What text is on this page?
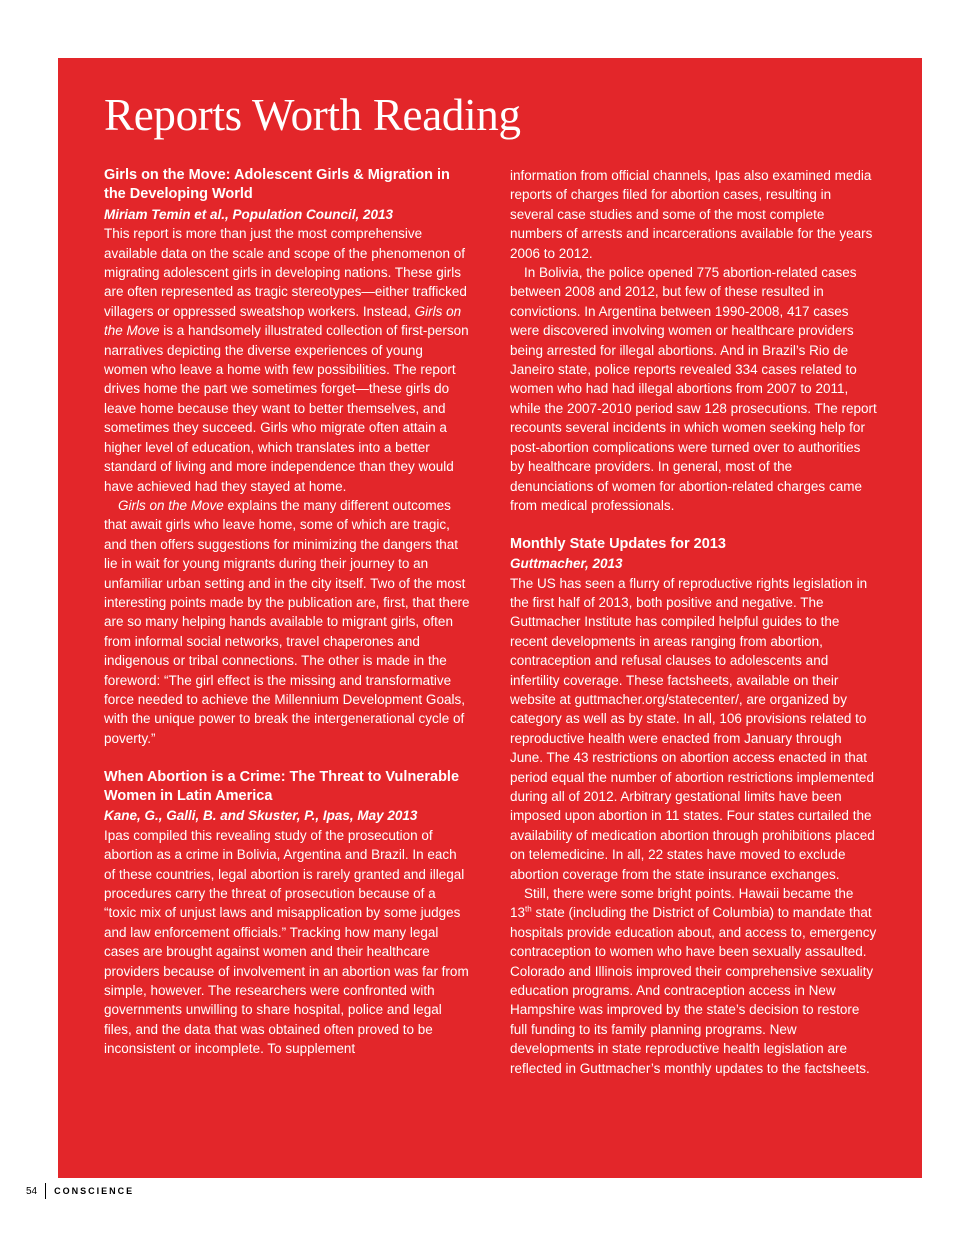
Reports Worth Reading
Girls on the Move: Adolescent Girls & Migration in the Developing World

Miriam Temin et al., Population Council, 2013

This report is more than just the most comprehensive available data on the scale and scope of the phenomenon of migrating adolescent girls in developing nations. These girls are often represented as tragic stereotypes—either trafficked villagers or oppressed sweatshop workers. Instead, Girls on the Move is a handsomely illustrated collection of first-person narratives depicting the diverse experiences of young women who leave a home with few possibilities. The report drives home the part we sometimes forget—these girls do leave home because they want to better themselves, and sometimes they succeed. Girls who migrate often attain a higher level of education, which translates into a better standard of living and more independence than they would have achieved had they stayed at home.

Girls on the Move explains the many different outcomes that await girls who leave home, some of which are tragic, and then offers suggestions for minimizing the dangers that lie in wait for young migrants during their journey to an unfamiliar urban setting and in the city itself. Two of the most interesting points made by the publication are, first, that there are so many helping hands available to migrant girls, often from informal social networks, travel chaperones and indigenous or tribal connections. The other is made in the foreword: “The girl effect is the missing and transformative force needed to achieve the Millennium Development Goals, with the unique power to break the intergenerational cycle of poverty.”

When Abortion is a Crime: The Threat to Vulnerable Women in Latin America

Kane, G., Galli, B. and Skuster, P., Ipas, May 2013

Ipas compiled this revealing study of the prosecution of abortion as a crime in Bolivia, Argentina and Brazil. In each of these countries, legal abortion is rarely granted and illegal procedures carry the threat of prosecution because of a “toxic mix of unjust laws and misapplication by some judges and law enforcement officials.” Tracking how many legal cases are brought against women and their healthcare providers because of involvement in an abortion was far from simple, however. The researchers were confronted with governments unwilling to share hospital, police and legal files, and the data that was obtained often proved to be inconsistent or incomplete. To supplement

information from official channels, Ipas also examined media reports of charges filed for abortion cases, resulting in several case studies and some of the most complete numbers of arrests and incarcerations available for the years 2006 to 2012.

In Bolivia, the police opened 775 abortion-related cases between 2008 and 2012, but few of these resulted in convictions. In Argentina between 1990-2008, 417 cases were discovered involving women or healthcare providers being arrested for illegal abortions. And in Brazil’s Rio de Janeiro state, police reports revealed 334 cases related to women who had had illegal abortions from 2007 to 2011, while the 2007-2010 period saw 128 prosecutions. The report recounts several incidents in which women seeking help for post-abortion complications were turned over to authorities by healthcare providers. In general, most of the denunciations of women for abortion-related charges came from medical professionals.

Monthly State Updates for 2013

Guttmacher, 2013

The US has seen a flurry of reproductive rights legislation in the first half of 2013, both positive and negative. The Guttmacher Institute has compiled helpful guides to the recent developments in areas ranging from abortion, contraception and refusal clauses to adolescents and infertility coverage. These factsheets, available on their website at guttmacher.org/statecenter/, are organized by category as well as by state. In all, 106 provisions related to reproductive health were enacted from January through June. The 43 restrictions on abortion access enacted in that period equal the number of abortion restrictions implemented during all of 2012. Arbitrary gestational limits have been imposed upon abortion in 11 states. Four states curtailed the availability of medication abortion through prohibitions placed on telemedicine. In all, 22 states have moved to exclude abortion coverage from the state insurance exchanges.

Still, there were some bright points. Hawaii became the 13th state (including the District of Columbia) to mandate that hospitals provide education about, and access to, emergency contraception to women who have been sexually assaulted. Colorado and Illinois improved their comprehensive sexuality education programs. And contraception access in New Hampshire was improved by the state’s decision to restore full funding to its family planning programs. New developments in state reproductive health legislation are reflected in Guttmacher’s monthly updates to the factsheets.

54	CONSCIENCE
